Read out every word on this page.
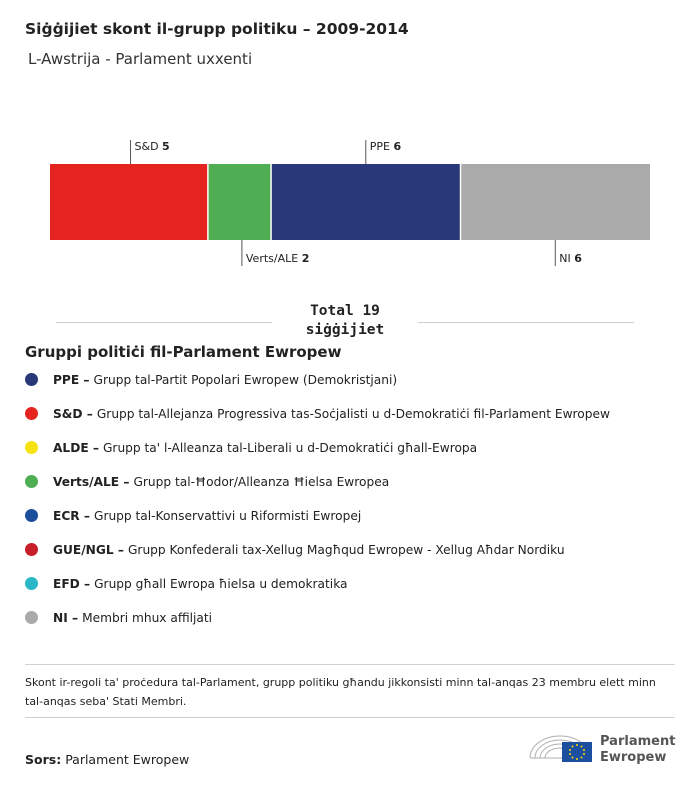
Siġġijiet skont il-grupp politiku – 2009-2014
L-Awstrija - Parlament uxxenti
S&D 5
Verts/ALE 2
PPE 6
NI 6
Total 19
siġġijiet
Gruppi politiċi fil-Parlament Ewropew
PPE – Grupp tal-Partit Popolari Ewropew (Demokristjani)
S&D – Grupp tal-Allejanza Progressiva tas-Soċjalisti u d-Demokratiċi fil-Parlament Ewropew
ALDE – Grupp ta' l-Alleanza tal-Liberali u d-Demokratiċi għall-Ewropa
Verts/ALE – Grupp tal-Ħodor/Alleanza Ħielsa Ewropea
ECR – Grupp tal-Konservattivi u Riformisti Ewropej
GUE/NGL – Grupp Konfederali tax-Xellug Magħqud Ewropew - Xellug Aħdar Nordiku
EFD – Grupp għall Ewropa ħielsa u demokratika
NI – Membri mhux affiljati
Skont ir-regoli ta' proċedura tal-Parlament, grupp politiku għandu jikkonsisti minn tal-anqas 23 membru elett minn tal-anqas seba' Stati Membri.
Sors: Parlament Ewropew
Parlament
Ewropew
